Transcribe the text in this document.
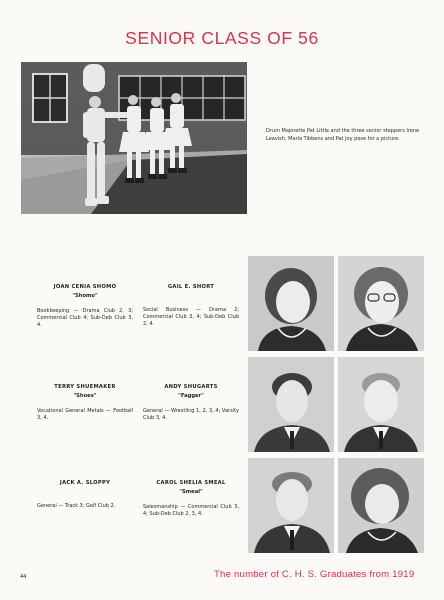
SENIOR CLASS OF 56
Drum Majorette Pat Little and the three senior steppers Irene Leavish, Marla Tibbens and Pat Joy pose for a picture.
JOAN CENIA SHOMO
"Shomo"
Bookkeeping — Drama Club 2, 3; Commercial Club 4; Sub-Deb Club 3, 4.
GAIL E. SHORT
Social Business — Drama 2; Commercial Club 3, 4; Sub-Deb Club 2, 4.
TERRY SHUEMAKER
"Shoes"
Vocational General Metals — Football 3, 4.
ANDY SHUGARTS
"Fagger"
General — Wrestling 1, 2, 3, 4; Varsity Club 3, 4.
JACK A. SLOPPY
General — Track 3; Golf Club 2.
CAROL SHELIA SMEAL
"Smeal"
Salesmanship — Commercial Club 3, 4; Sub-Deb Club 2, 3, 4.
44	The number of C. H. S. Graduates from 1919
